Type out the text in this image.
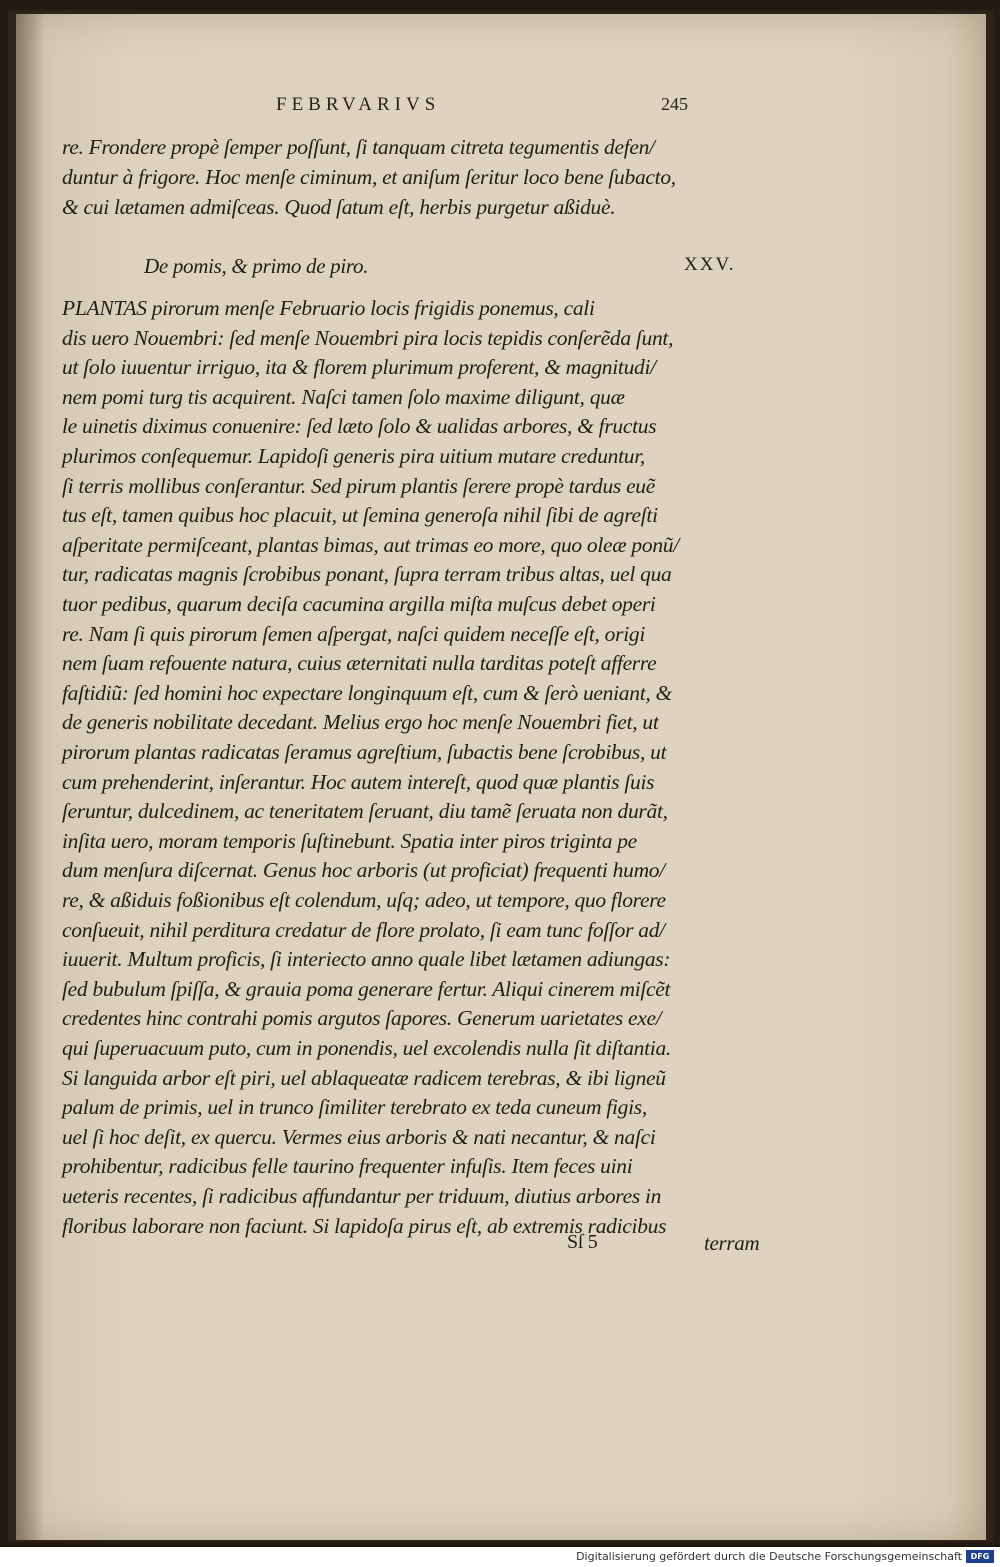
FEBRVARIVS	245
re. Frondere propè ſemper poſſunt, ſi tanquam citreta tegumentis defen/
duntur à frigore. Hoc menſe ciminum, et aniſum ſeritur loco bene ſubacto,
& cui lætamen admiſceas. Quod ſatum eſt, herbis purgetur aßiduè.
De pomis, & primo de piro.	XXV.
PLANTAS pirorum menſe Februario locis frigidis ponemus, cali
dis uero Nouembri: ſed menſe Nouembri pira locis tepidis conſerẽda ſunt,
ut ſolo iuuentur irriguo, ita & florem plurimum proferent, & magnitudi/
nem pomi turg tis acquirent. Naſci tamen ſolo maxime diligunt, quæ
le uinetis diximus conuenire: ſed læto ſolo & ualidas arbores, & fructus
plurimos conſequemur. Lapidoſi generis pira uitium mutare creduntur,
ſi terris mollibus conſerantur. Sed pirum plantis ſerere propè tardus euẽ
tus eſt, tamen quibus hoc placuit, ut ſemina generoſa nihil ſibi de agreſti
aſperitate permiſceant, plantas bimas, aut trimas eo more, quo oleæ ponũ/
tur, radicatas magnis ſcrobibus ponant, ſupra terram tribus altas, uel qua
tuor pedibus, quarum deciſa cacumina argilla miſta muſcus debet operi
re. Nam ſi quis pirorum ſemen aſpergat, naſci quidem neceſſe eſt, origi
nem ſuam refouente natura, cuius æternitati nulla tarditas poteſt afferre
faſtidiũ: ſed homini hoc expectare longinquum eſt, cum & ſerò ueniant, &
de generis nobilitate decedant. Melius ergo hoc menſe Nouembri fiet, ut
pirorum plantas radicatas ſeramus agreſtium, ſubactis bene ſcrobibus, ut
cum prehenderint, inſerantur. Hoc autem intereſt, quod quæ plantis ſuis
ſeruntur, dulcedinem, ac teneritatem ſeruant, diu tamẽ ſeruata non durãt,
inſita uero, moram temporis ſuſtinebunt. Spatia inter piros triginta pe
dum menſura diſcernat. Genus hoc arboris (ut proficiat) frequenti humo/
re, & aßiduis foßionibus eſt colendum, uſq; adeo, ut tempore, quo florere
conſueuit, nihil perditura credatur de flore prolato, ſi eam tunc foſſor ad/
iuuerit. Multum proficis, ſi interiecto anno quale libet lætamen adiungas:
ſed bubulum ſpiſſa, & grauia poma generare fertur. Aliqui cinerem miſcẽt
credentes hinc contrahi pomis argutos ſapores. Generum uarietates exe/
qui ſuperuacuum puto, cum in ponendis, uel excolendis nulla ſit diſtantia.
Si languida arbor eſt piri, uel ablaqueatæ radicem terebras, & ibi ligneũ
palum de primis, uel in trunco ſimiliter terebrato ex teda cuneum figis,
uel ſi hoc deſit, ex quercu. Vermes eius arboris & nati necantur, & naſci
prohibentur, radicibus felle taurino frequenter infuſis. Item feces uini
ueteris recentes, ſi radicibus affundantur per triduum, diutius arbores in
floribus laborare non faciunt. Si lapidoſa pirus eſt, ab extremis radicibus
Sſ 5	terram
Digitalisierung gefördert durch die Deutsche Forschungsgemeinschaft	DFG
